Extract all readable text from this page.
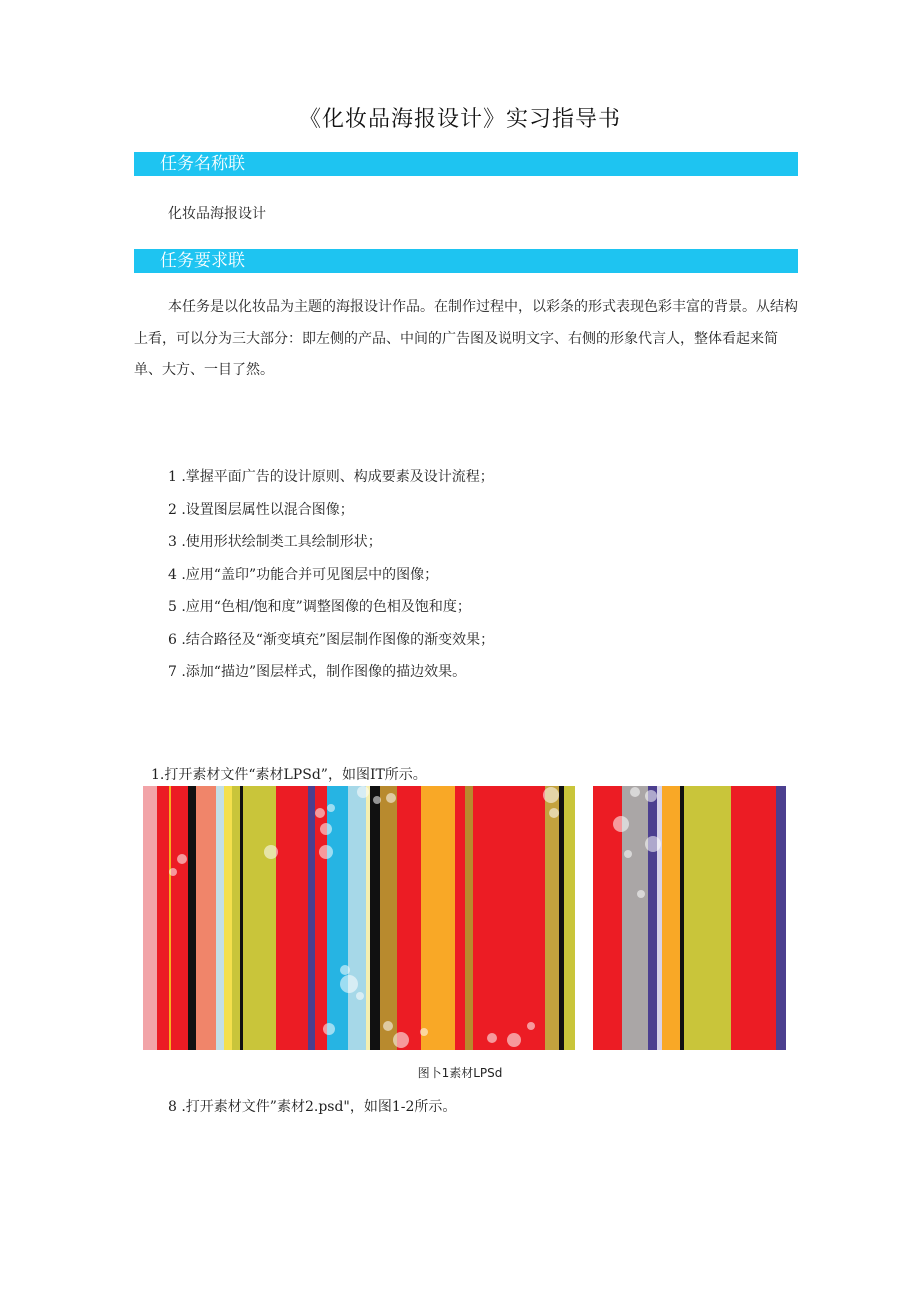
《化妆品海报设计》实习指导书
任务名称联
化妆品海报设计
任务要求联
本任务是以化妆品为主题的海报设计作品。在制作过程中，以彩条的形式表现色彩丰富的背景。从结构上看，可以分为三大部分：即左侧的产品、中间的广告图及说明文字、右侧的形象代言人，整体看起来简单、大方、一目了然。
1 .掌握平面广告的设计原则、构成要素及设计流程；
2 .设置图层属性以混合图像；
3 .使用形状绘制类工具绘制形状；
4 .应用“盖印”功能合并可见图层中的图像；
5 .应用“色相/饱和度”调整图像的色相及饱和度；
6 .结合路径及“渐变填充”图层制作图像的渐变效果；
7 .添加“描边”图层样式，制作图像的描边效果。
1.打开素材文件“素材LPSd”，如图IT所示。
图卜1素材LPSd
8 .打开素材文件”素材2.psd"，如图1-2所示。
